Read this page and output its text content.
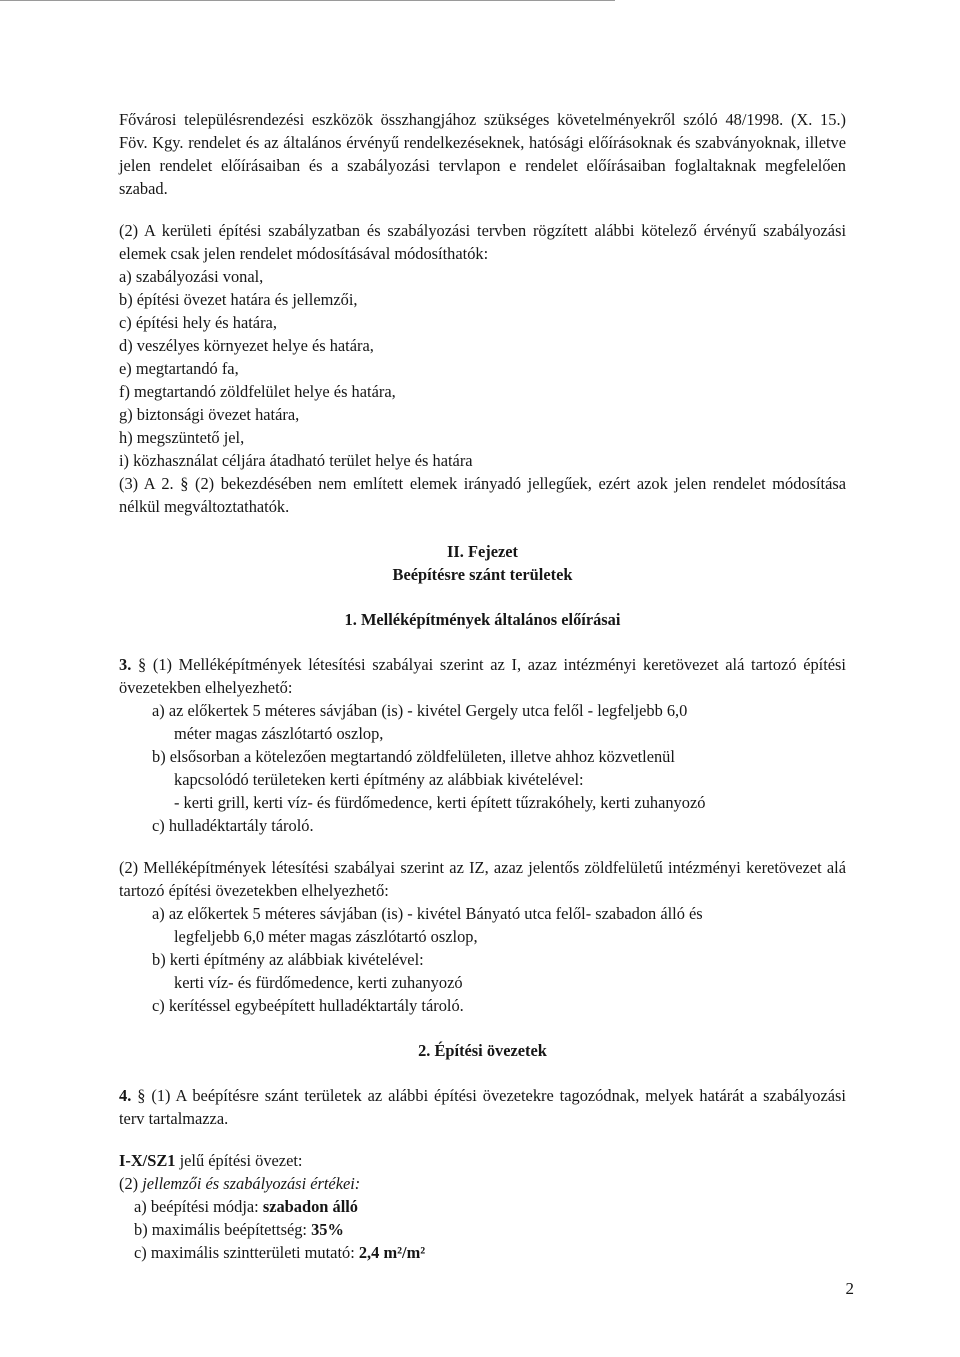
Fővárosi településrendezési eszközök összhangjához szükséges követelményekről szóló 48/1998. (X. 15.) Föv. Kgy. rendelet és az általános érvényű rendelkezéseknek, hatósági előírásoknak és szabványoknak, illetve jelen rendelet előírásaiban és a szabályozási tervlapon e rendelet előírásaiban foglaltaknak megfelelően szabad.

(2) A kerületi építési szabályzatban és szabályozási tervben rögzített alábbi kötelező érvényű szabályozási elemek csak jelen rendelet módosításával módosíthatók:

a) szabályozási vonal,
b) építési övezet határa és jellemzői,
c) építési hely és határa,
d) veszélyes környezet helye és határa,
e) megtartandó fa,
f) megtartandó zöldfelület helye és határa,
g) biztonsági övezet határa,
h) megszüntető jel,
i) közhasználat céljára átadható terület helye és határa

(3) A 2. § (2) bekezdésében nem említett elemek irányadó jellegűek, ezért azok jelen rendelet módosítása nélkül megváltoztathatók.

II. Fejezet
Beépítésre szánt területek
1. Melléképítmények általános előírásai

3. § (1) Melléképítmények létesítési szabályai szerint az I, azaz intézményi keretövezet alá tartozó építési övezetekben elhelyezhető:

a) az előkertek 5 méteres sávjában (is) - kivétel Gergely utca felől - legfeljebb 6,0
méter magas zászlótartó oszlop,
b) elsősorban a kötelezően megtartandó zöldfelületen, illetve ahhoz közvetlenül
kapcsolódó területeken kerti építmény az alábbiak kivételével:
- kerti grill, kerti víz- és fürdőmedence, kerti épített tűzrakóhely, kerti zuhanyozó
c) hulladéktartály tároló.

(2) Melléképítmények létesítési szabályai szerint az IZ, azaz jelentős zöldfelületű intézményi keretövezet alá tartozó építési övezetekben elhelyezhető:

a) az előkertek 5 méteres sávjában (is) - kivétel Bányató utca felől- szabadon álló és
legfeljebb 6,0 méter magas zászlótartó oszlop,
b) kerti építmény az alábbiak kivételével:
kerti víz- és fürdőmedence, kerti zuhanyozó
c) kerítéssel egybeépített hulladéktartály tároló.
2. Építési övezetek

4. § (1) A beépítésre szánt területek az alábbi építési övezetekre tagozódnak, melyek határát a szabályozási terv tartalmazza.

I-X/SZ1 jelű építési övezet:
(2) jellemzői és szabályozási értékei:
a) beépítési módja: szabadon álló
b) maximális beépítettség: 35%
c) maximális szintterületi mutató: 2,4 m²/m²
2
